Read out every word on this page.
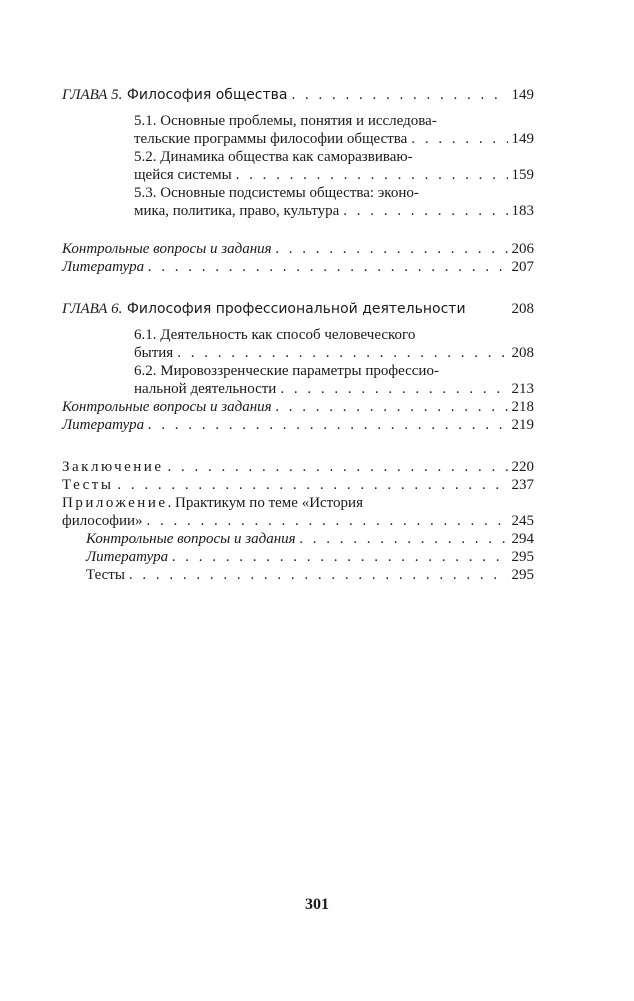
ГЛАВА 5. Философия общества . . .	149
5.1. Основные проблемы, понятия и исследова-
тельские программы философии общества . . .	149
5.2. Динамика общества как саморазвиваю-
щейся системы . . .	159
5.3. Основные подсистемы общества: эконо-
мика, политика, право, культура . . .	183
Контрольные вопросы и задания . . .	206
Литература . . .	207
ГЛАВА 6. Философия профессиональной деятельности	208
6.1. Деятельность как способ человеческого
бытия . . .	208
6.2. Мировоззренческие параметры профессио-
нальной деятельности . . .	213
Контрольные вопросы и задания . . .	218
Литература . . .	219
Заключение . . .	220
Тесты . . .	237
Приложение. Практикум по теме «История
философии» . . .	245
Контрольные вопросы и задания . . .	294
Литература . . .	295
Тесты . . .	295
301
